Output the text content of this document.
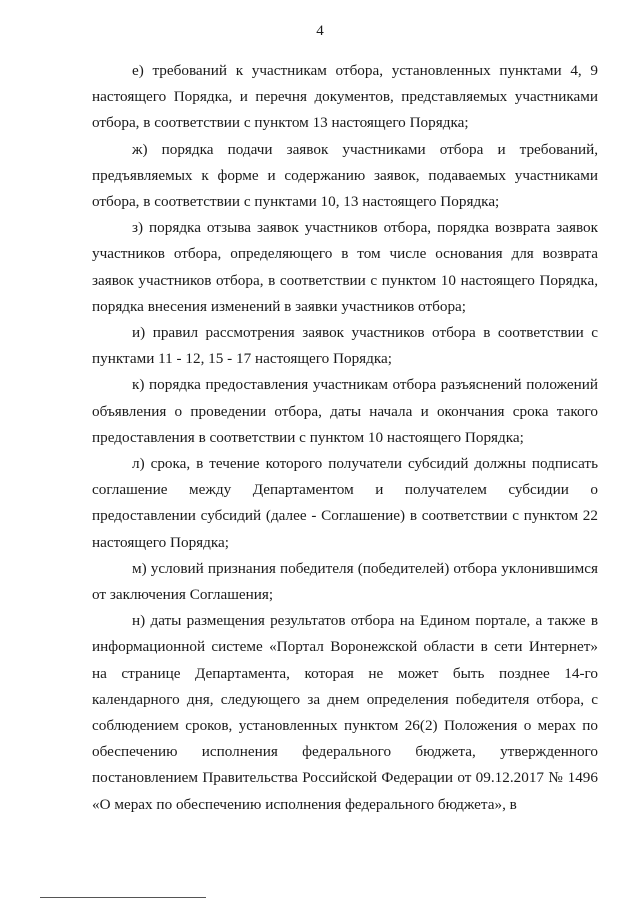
4

е) требований к участникам отбора, установленных пунктами 4, 9 настоящего Порядка, и перечня документов, представляемых участниками отбора, в соответствии с пунктом 13 настоящего Порядка;

ж) порядка подачи заявок участниками отбора и требований, предъявляемых к форме и содержанию заявок, подаваемых участниками отбора, в соответствии с пунктами 10, 13 настоящего Порядка;

з) порядка отзыва заявок участников отбора, порядка возврата заявок участников отбора, определяющего в том числе основания для возврата заявок участников отбора, в соответствии с пунктом 10 настоящего Порядка, порядка внесения изменений в заявки участников отбора;

и) правил рассмотрения заявок участников отбора в соответствии с пунктами 11 - 12, 15 - 17 настоящего Порядка;

к) порядка предоставления участникам отбора разъяснений положений объявления о проведении отбора, даты начала и окончания срока такого предоставления в соответствии с пунктом 10 настоящего Порядка;

л) срока, в течение которого получатели субсидий должны подписать соглашение между Департаментом и получателем субсидии о предоставлении субсидий (далее - Соглашение) в соответствии с пунктом 22 настоящего Порядка;

м) условий признания победителя (победителей) отбора уклонившимся от заключения Соглашения;

н) даты размещения результатов отбора на Едином портале, а также в информационной системе «Портал Воронежской области в сети Интернет» на странице Департамента, которая не может быть позднее 14-го календарного дня, следующего за днем определения победителя отбора, с соблюдением сроков, установленных пунктом 26(2) Положения о мерах по обеспечению исполнения федерального бюджета, утвержденного постановлением Правительства Российской Федерации от 09.12.2017 № 1496 «О мерах по обеспечению исполнения федерального бюджета», в
